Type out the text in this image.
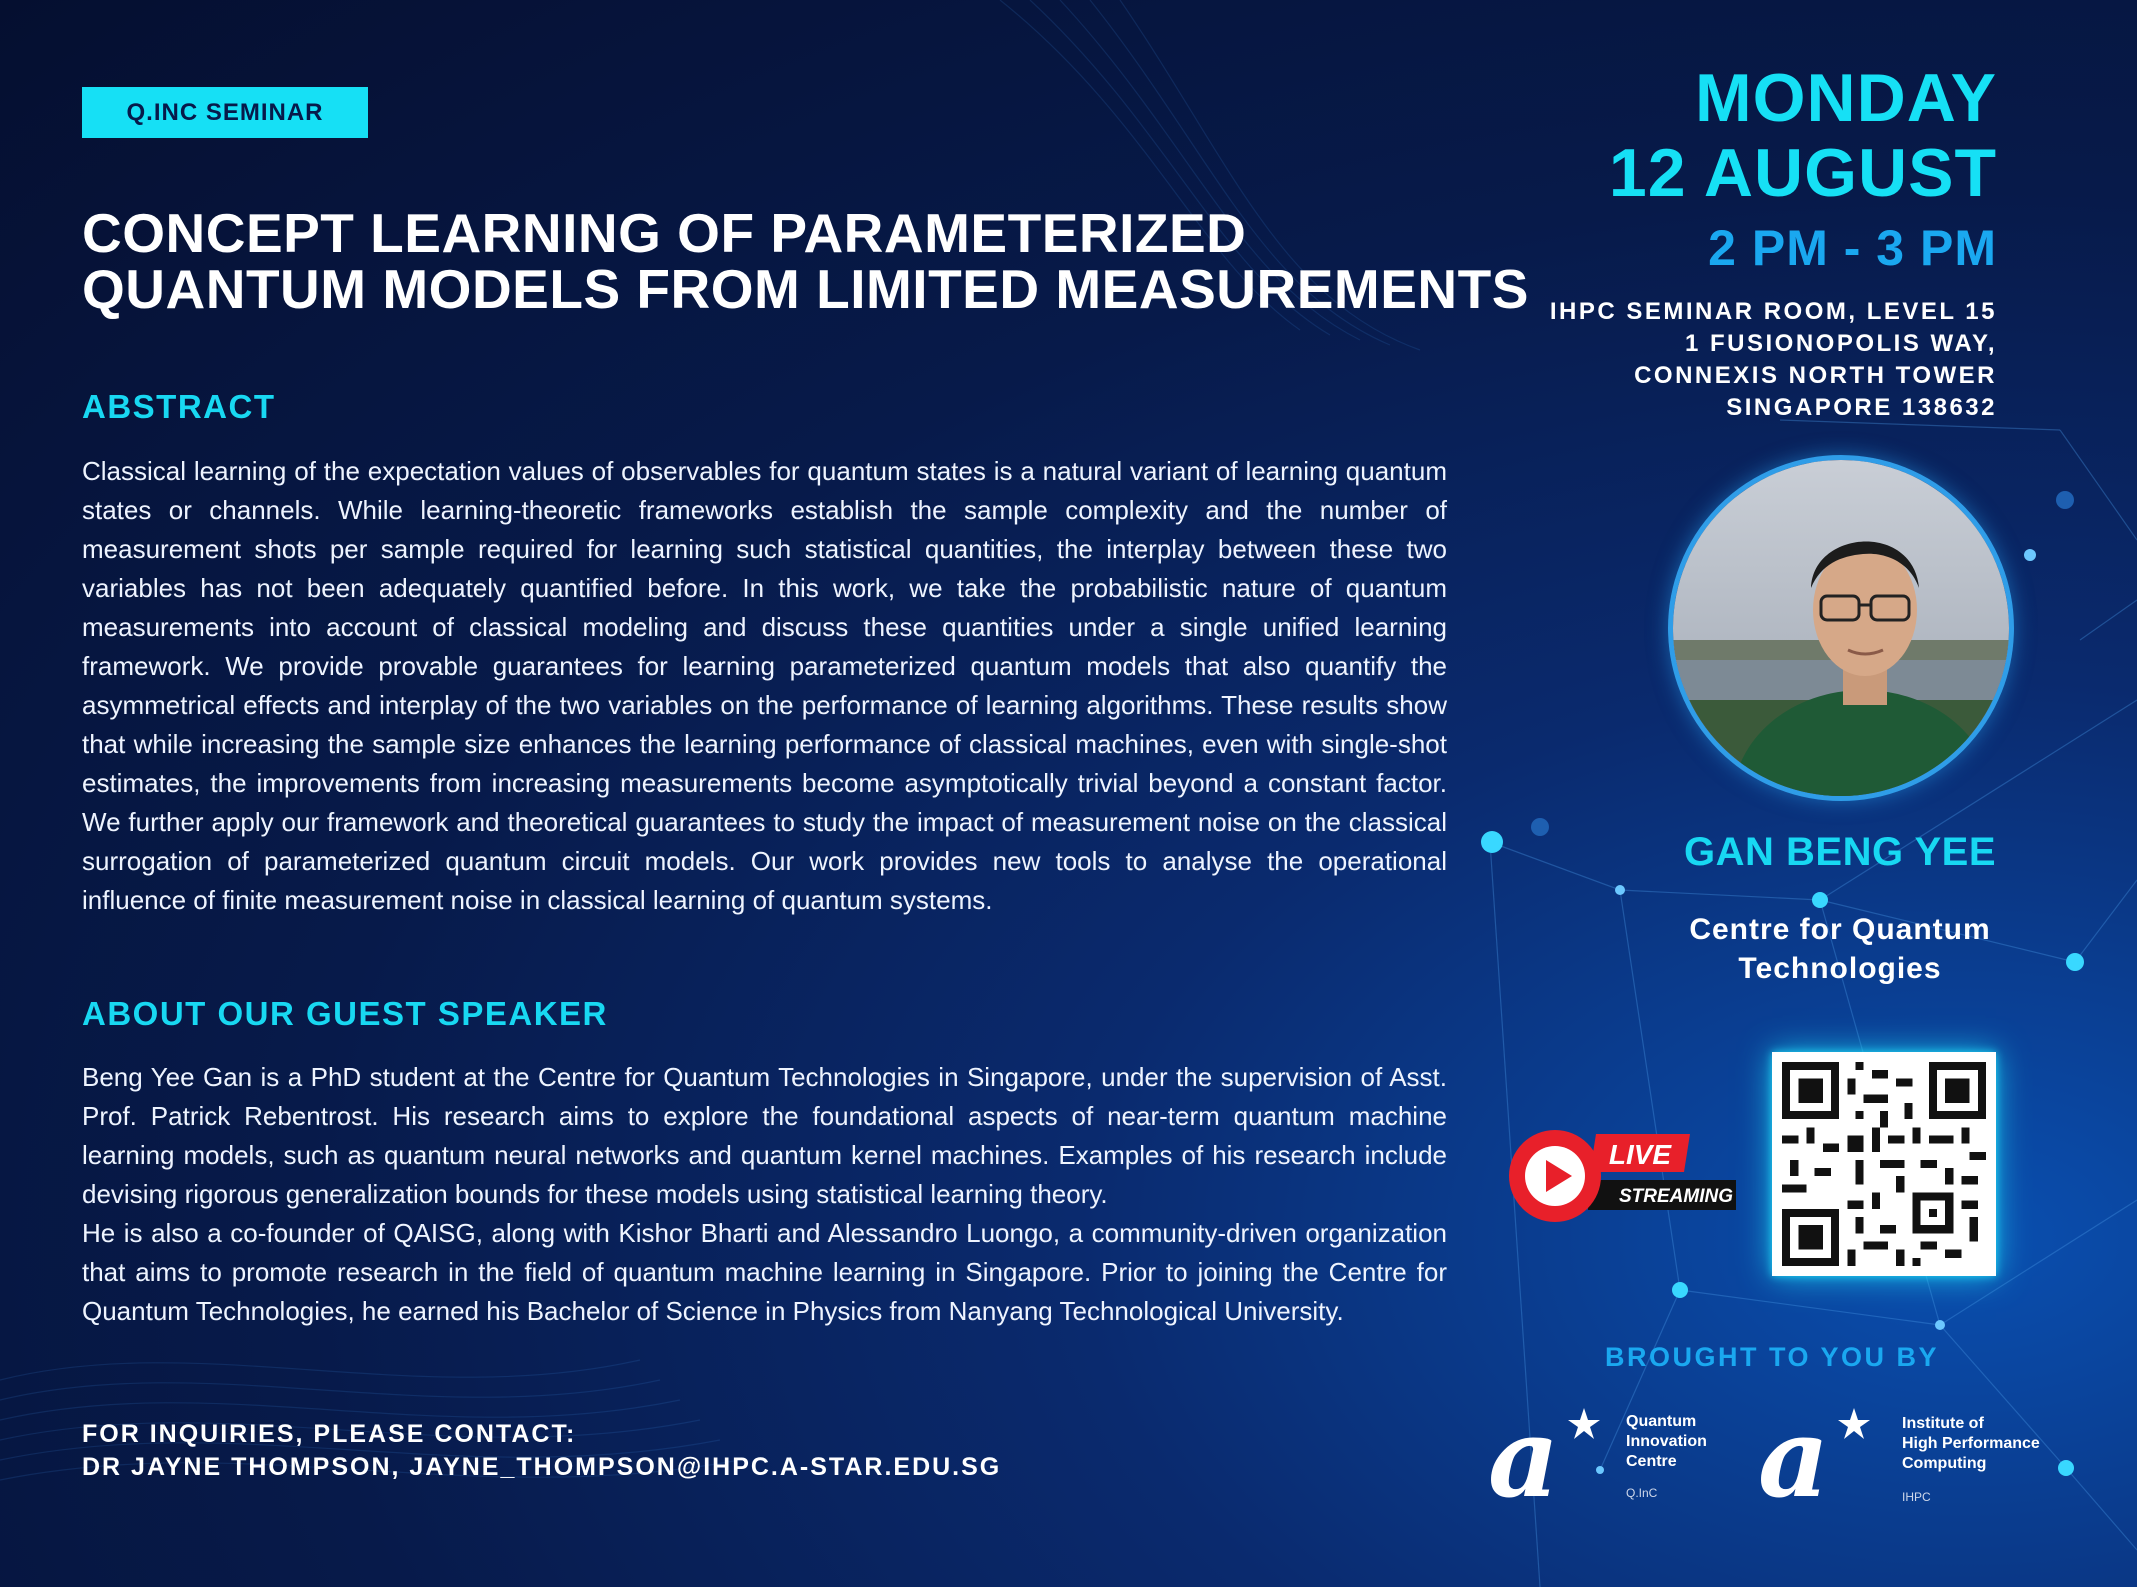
Q.INC SEMINAR
CONCEPT LEARNING OF PARAMETERIZED
QUANTUM MODELS FROM LIMITED MEASUREMENTS
ABSTRACT

Classical learning of the expectation values of observables for quantum states is a natural variant of learning quantum states or channels. While learning-theoretic frameworks establish the sample complexity and the number of measurement shots per sample required for learning such statistical quantities, the interplay between these two variables has not been adequately quantified before. In this work, we take the probabilistic nature of quantum measurements into account of classical modeling and discuss these quantities under a single unified learning framework. We provide provable guarantees for learning parameterized quantum models that also quantify the asymmetrical effects and interplay of the two variables on the performance of learning algorithms. These results show that while increasing the sample size enhances the learning performance of classical machines, even with single-shot estimates, the improvements from increasing measurements become asymptotically trivial beyond a constant factor. We further apply our framework and theoretical guarantees to study the impact of measurement noise on the classical surrogation of parameterized quantum circuit models. Our work provides new tools to analyse the operational influence of finite measurement noise in classical learning of quantum systems.

ABOUT OUR GUEST SPEAKER

Beng Yee Gan is a PhD student at the Centre for Quantum Technologies in Singapore, under the supervision of Asst. Prof. Patrick Rebentrost. His research aims to explore the foundational aspects of near-term quantum machine learning models, such as quantum neural networks and quantum kernel machines. Examples of his research include devising rigorous generalization bounds for these models using statistical learning theory.

He is also a co-founder of QAISG, along with Kishor Bharti and Alessandro Luongo, a community-driven organization that aims to promote research in the field of quantum machine learning in Singapore. Prior to joining the Centre for Quantum Technologies, he earned his Bachelor of Science in Physics from Nanyang Technological University.

FOR INQUIRIES, PLEASE CONTACT:
DR JAYNE THOMPSON, JAYNE_THOMPSON@IHPC.A-STAR.EDU.SG
MONDAY
12 AUGUST
2 PM - 3 PM
IHPC SEMINAR ROOM, LEVEL 15
1 FUSIONOPOLIS WAY,
CONNEXIS NORTH TOWER
SINGAPORE 138632
GAN BENG YEE
Centre for Quantum
Technologies
LIVE
STREAMING
BROUGHT TO YOU BY
a	Quantum
Innovation
Centre
Q.InC a	Institute of
High Performance
Computing
IHPC
